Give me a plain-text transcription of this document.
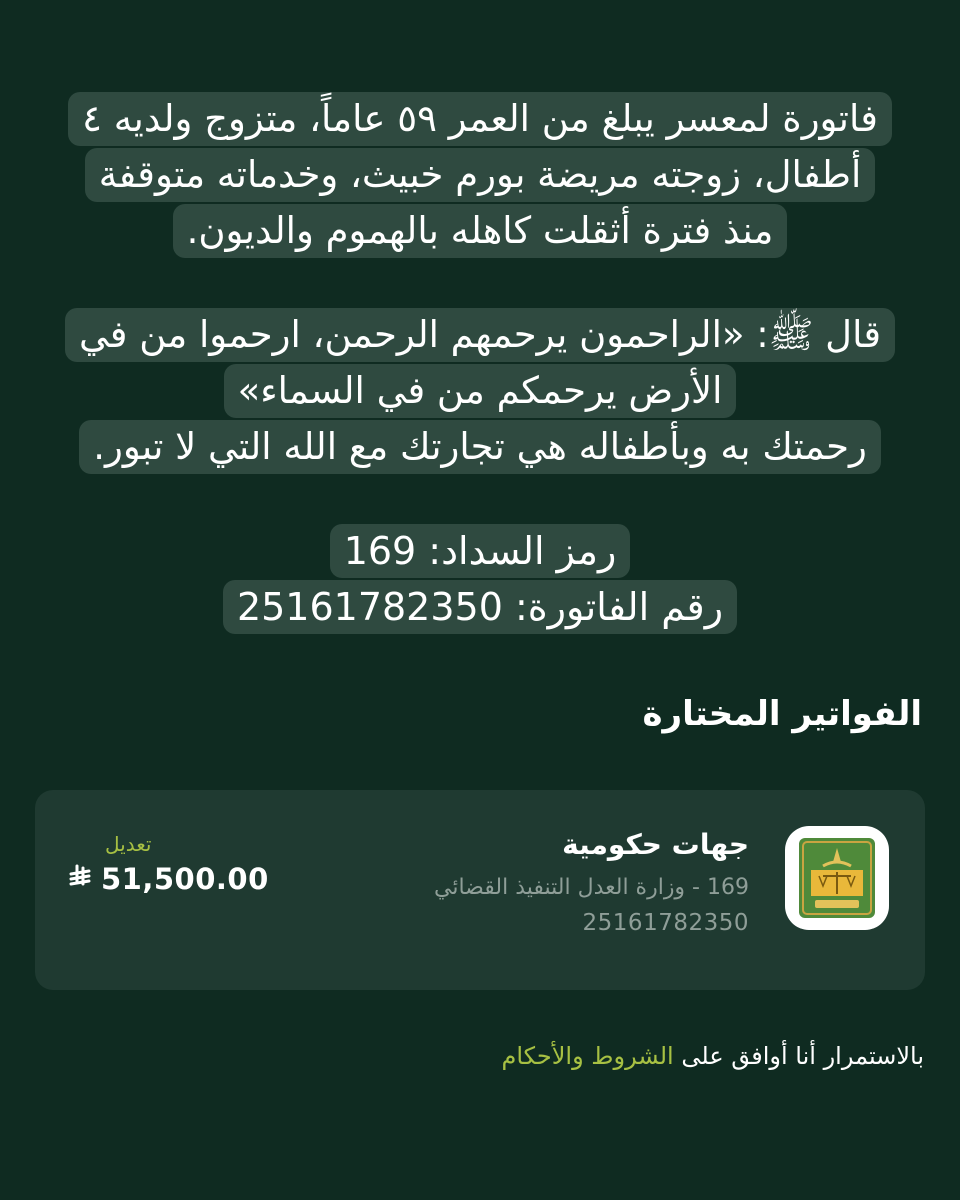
فاتورة لمعسر يبلغ من العمر ٥٩ عاماً، متزوج ولديه ٤
أطفال، زوجته مريضة بورم خبيث، وخدماته متوقفة
منذ فترة أثقلت كاهله بالهموم والديون.
قال ﷺ: «الراحمون يرحمهم الرحمن، ارحموا من في
الأرض يرحمكم من في السماء»
رحمتك به وبأطفاله هي تجارتك مع الله التي لا تبور.
رمز السداد: 169
رقم الفاتورة: 25161782350
الفواتير المختارة
جهات حكومية
169 - وزارة العدل التنفيذ القضائي
25161782350
تعديل
51,500.00
بالاستمرار أنا أوافق على الشروط والأحكام
